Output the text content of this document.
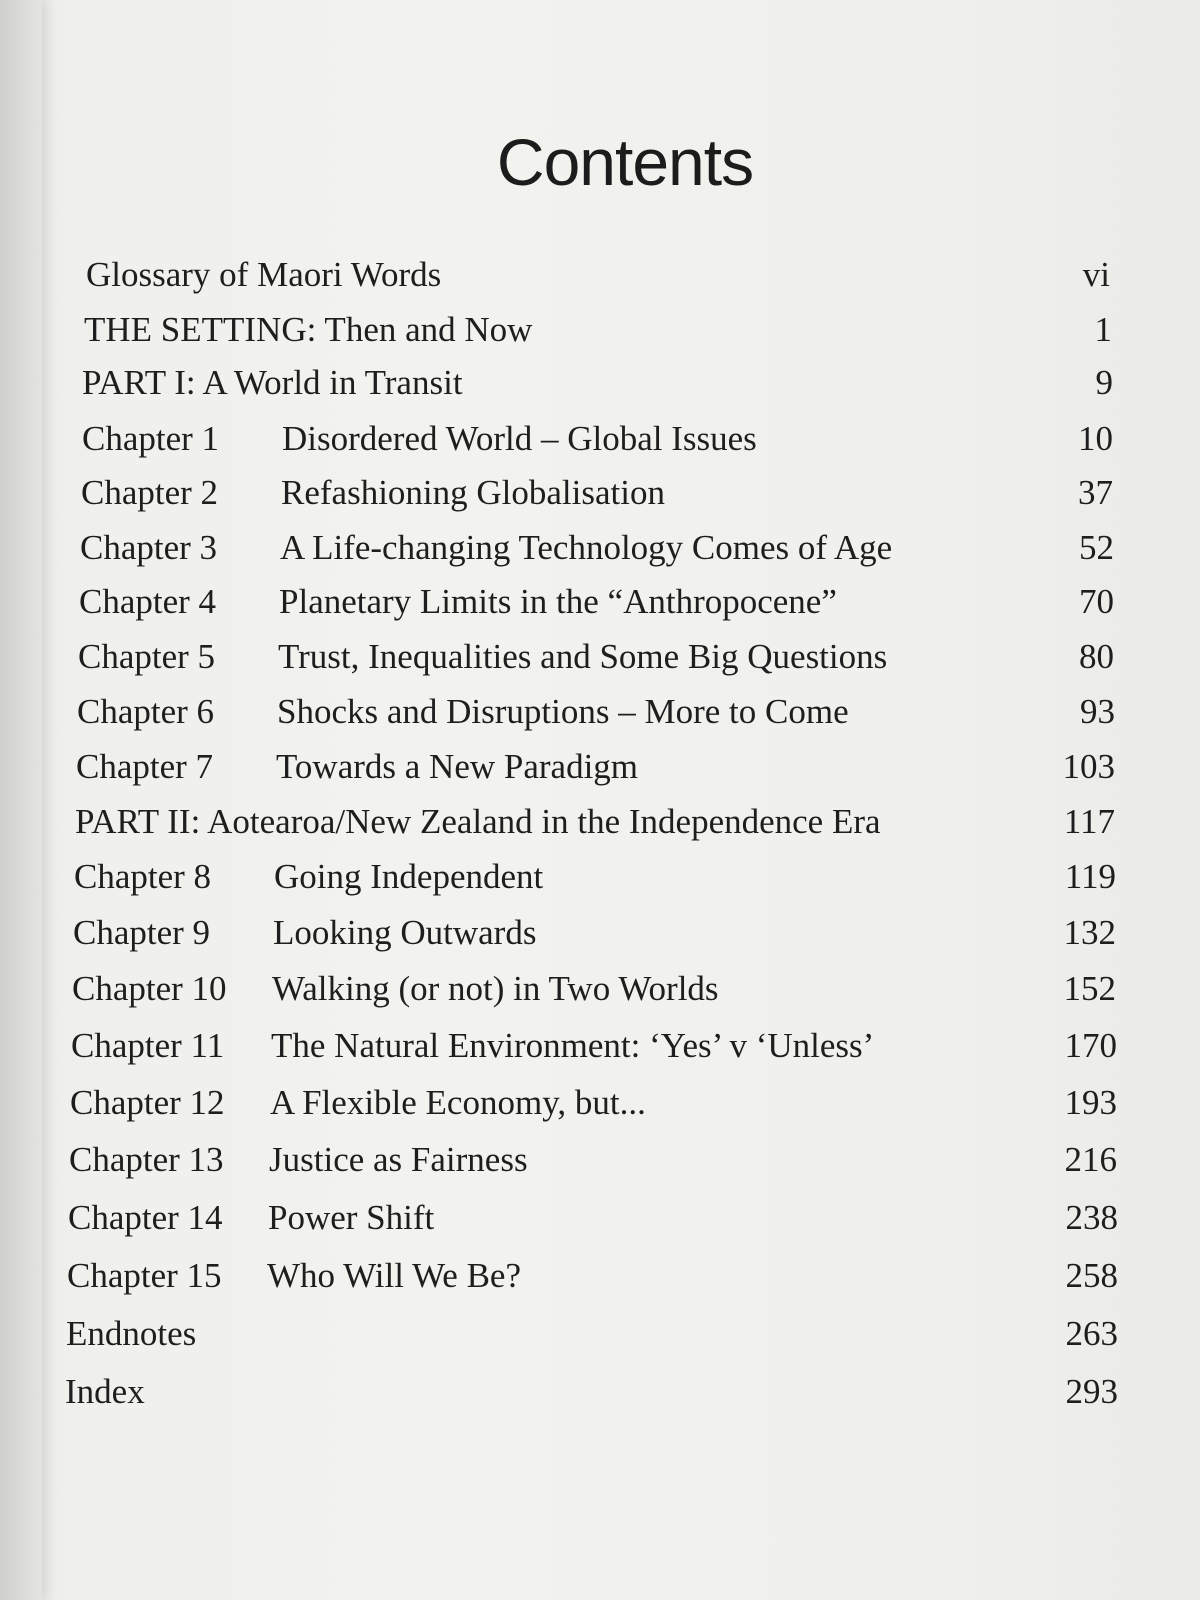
Contents
Glossary of Maori Words	vi
THE SETTING: Then and Now	1
PART I: A World in Transit	9
Chapter 1 Disordered World – Global Issues	10
Chapter 2 Refashioning Globalisation	37
Chapter 3 A Life-changing Technology Comes of Age	52
Chapter 4 Planetary Limits in the “Anthropocene”	70
Chapter 5 Trust, Inequalities and Some Big Questions	80
Chapter 6 Shocks and Disruptions – More to Come	93
Chapter 7 Towards a New Paradigm	103
PART II: Aotearoa/New Zealand in the Independence Era	117
Chapter 8 Going Independent	119
Chapter 9 Looking Outwards	132
Chapter 10 Walking (or not) in Two Worlds	152
Chapter 11 The Natural Environment: ‘Yes’ v ‘Unless’	170
Chapter 12 A Flexible Economy, but...	193
Chapter 13 Justice as Fairness	216
Chapter 14 Power Shift	238
Chapter 15 Who Will We Be?	258
Endnotes	263
Index	293
